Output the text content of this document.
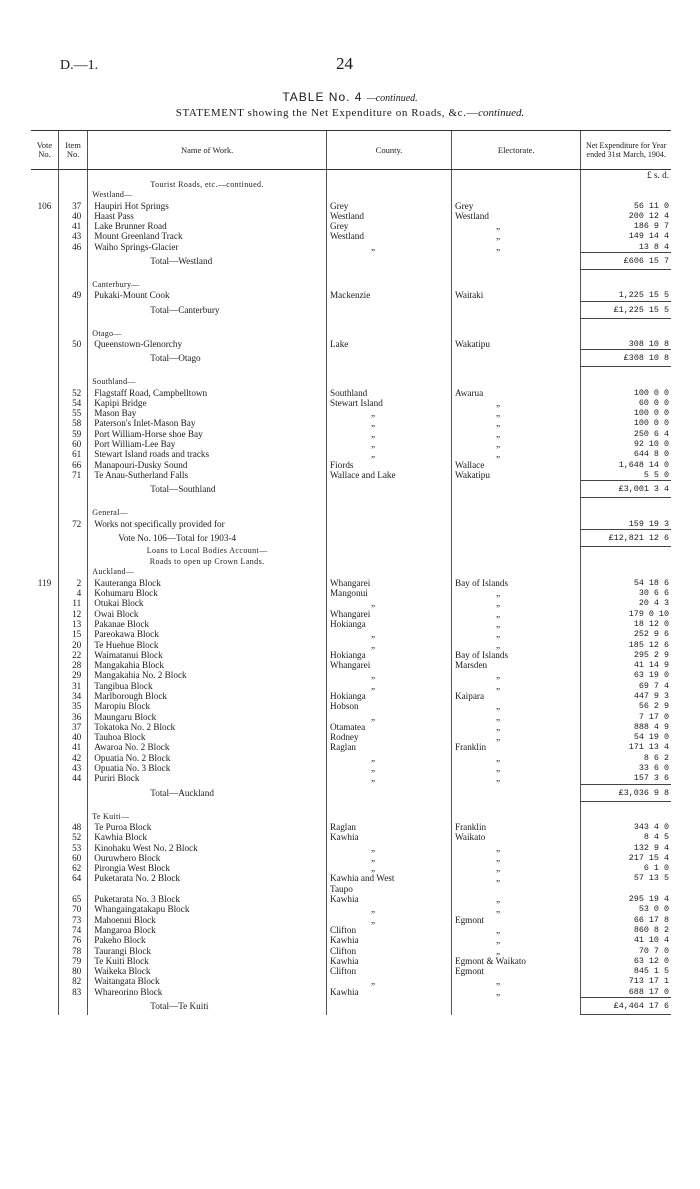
D.—1.	24
TABLE No. 4 —continued.
STATEMENT showing the Net Expenditure on Roads, &c.—continued.
Vote No.	Item No.	Name of Work.	County.	Electorate.	Net Expenditure for Year ended 31st March, 1904.
					£ s. d.
		Tourist Roads, etc.—continued.			
		Westland—			
106	37	Haupiri Hot Springs	Grey	Grey	56 11 0
	40	Haast Pass	Westland	Westland	200 12 4
	41	Lake Brunner Road	Grey	„	186 9 7
	43	Mount Greenland Track	Westland	„	149 14 4
	46	Waiho Springs-Glacier	„	„	13 8 4
		Total—Westland			£606 15 7

		Canterbury—			
	49	Pukaki-Mount Cook	Mackenzie	Waitaki	1,225 15 5
		Total—Canterbury			£1,225 15 5

		Otago—			
	50	Queenstown-Glenorchy	Lake	Wakatipu	308 10 8
		Total—Otago			£308 10 8

		Southland—			
	52	Flagstaff Road, Campbelltown	Southland	Awarua	100 0 0
	54	Kapipi Bridge	Stewart Island	„	60 0 0
	55	Mason Bay	„	„	100 0 0
	58	Paterson's Inlet-Mason Bay	„	„	100 0 0
	59	Port William-Horse shoe Bay	„	„	250 6 4
	60	Port William-Lee Bay	„	„	92 10 0
	61	Stewart Island roads and tracks	„	„	644 8 0
	66	Manapouri-Dusky Sound	Fiords	Wallace	1,648 14 0
	71	Te Anau-Sutherland Falls	Wallace and Lake	Wakatipu	5 5 0
		Total—Southland			£3,001 3 4

		General—			
	72	Works not specifically provided for			159 19 3
		Vote No. 106—Total for 1903-4			£12,821 12 6
		Loans to Local Bodies Account—			
		Roads to open up Crown Lands.			
		Auckland—			
119	2	Kauteranga Block	Whangarei	Bay of Islands	54 18 6
	4	Kohumaru Block	Mangonui	„	30 6 6
	11	Otukai Block	„	„	20 4 3
	12	Owai Block	Whangarei	„	179 0 10
	13	Pakanae Block	Hokianga	„	18 12 0
	15	Pareokawa Block	„	„	252 9 6
	20	Te Huehue Block	„	„	185 12 6
	22	Waimatanui Block	Hokianga	Bay of Islands	295 2 9
	28	Mangakahia Block	Whangarei	Marsden	41 14 9
	29	Mangakahia No. 2 Block	„	„	63 19 0
	31	Tangibua Block	„	„	69 7 4
	34	Marlborough Block	Hokianga	Kaipara	447 9 3
	35	Maropiu Block	Hobson	„	56 2 9
	36	Maungaru Block	„	„	7 17 0
	37	Tokatoka No. 2 Block	Otamatea	„	888 4 9
	40	Tauhoa Block	Rodney	„	54 19 0
	41	Awaroa No. 2 Block	Raglan	Franklin	171 13 4
	42	Opuatia No. 2 Block	„	„	8 6 2
	43	Opuatia No. 3 Block	„	„	33 6 0
	44	Puriri Block	„	„	157 3 6
		Total—Auckland			£3,036 9 8

		Te Kuiti—			
	48	Te Puroa Block	Raglan	Franklin	343 4 0
	52	Kawhia Block	Kawhia	Waikato	8 4 5
	53	Kinohaku West No. 2 Block	„	„	132 9 4
	60	Ouruwhero Block	„	„	217 15 4
	62	Pirongia West Block	„	„	6 1 0
	64	Puketarata No. 2 Block	Kawhia and West	„	57 13 5
			Taupo		
	65	Puketarata No. 3 Block	Kawhia	„	295 19 4
	70	Whangaingatakapu Block	„	„	53 0 0
	73	Mahoenui Block	„	Egmont	66 17 8
	74	Mangaroa Block	Clifton	„	860 8 2
	76	Pakeho Block	Kawhia	„	41 10 4
	78	Taurangi Block	Clifton	„	70 7 0
	79	Te Kuiti Block	Kawhia	Egmont & Waikato	63 12 0
	80	Waikeka Block	Clifton	Egmont	845 1 5
	82	Waitangata Block	„	„	713 17 1
	83	Whareorino Block	Kawhia	„	688 17 0
		Total—Te Kuiti			£4,464 17 6
